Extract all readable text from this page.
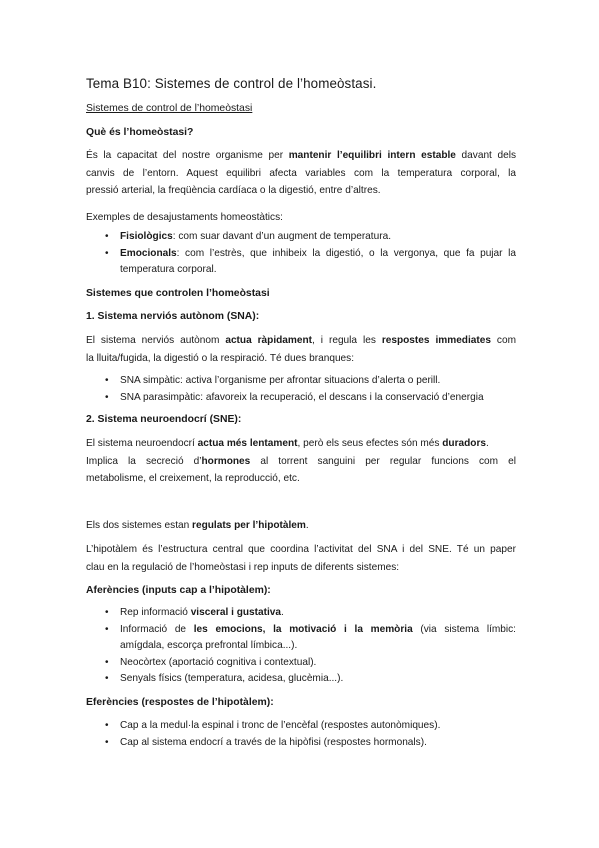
Tema B10: Sistemes de control de l’homeòstasi.
Sistemes de control de l’homeòstasi
Què és l’homeòstasi?
És la capacitat del nostre organisme per mantenir l’equilibri intern estable davant dels
canvis de l’entorn. Aquest equilibri afecta variables com la temperatura corporal, la
pressió arterial, la freqüència cardíaca o la digestió, entre d’altres.
Exemples de desajustaments homeostàtics:
• Fisiològics: com suar davant d’un augment de temperatura.
• Emocionals: com l’estrès, que inhibeix la digestió, o la vergonya, que fa pujar la
temperatura corporal.
Sistemes que controlen l’homeòstasi
1. Sistema nerviós autònom (SNA):
El sistema nerviós autònom actua ràpidament, i regula les respostes immediates com
la lluita/fugida, la digestió o la respiració. Té dues branques:
• SNA simpàtic: activa l’organisme per afrontar situacions d’alerta o perill.
• SNA parasimpàtic: afavoreix la recuperació, el descans i la conservació d’energia
2. Sistema neuroendocrí (SNE):
El sistema neuroendocrí actua més lentament, però els seus efectes són més duradors.
Implica la secreció d’hormones al torrent sanguini per regular funcions com el
metabolisme, el creixement, la reproducció, etc.
Els dos sistemes estan regulats per l’hipotàlem.
L’hipotàlem és l’estructura central que coordina l’activitat del SNA i del SNE. Té un paper
clau en la regulació de l’homeòstasi i rep inputs de diferents sistemes:
Aferències (inputs cap a l’hipotàlem):
• Rep informació visceral i gustativa.
• Informació de les emocions, la motivació i la memòria (via sistema límbic:
amígdala, escorça prefrontal límbica...).
• Neocòrtex (aportació cognitiva i contextual).
• Senyals físics (temperatura, acidesa, glucèmia...).
Eferències (respostes de l’hipotàlem):
• Cap a la medul·la espinal i tronc de l’encèfal (respostes autonòmiques).
• Cap al sistema endocrí a través de la hipòfisi (respostes hormonals).
